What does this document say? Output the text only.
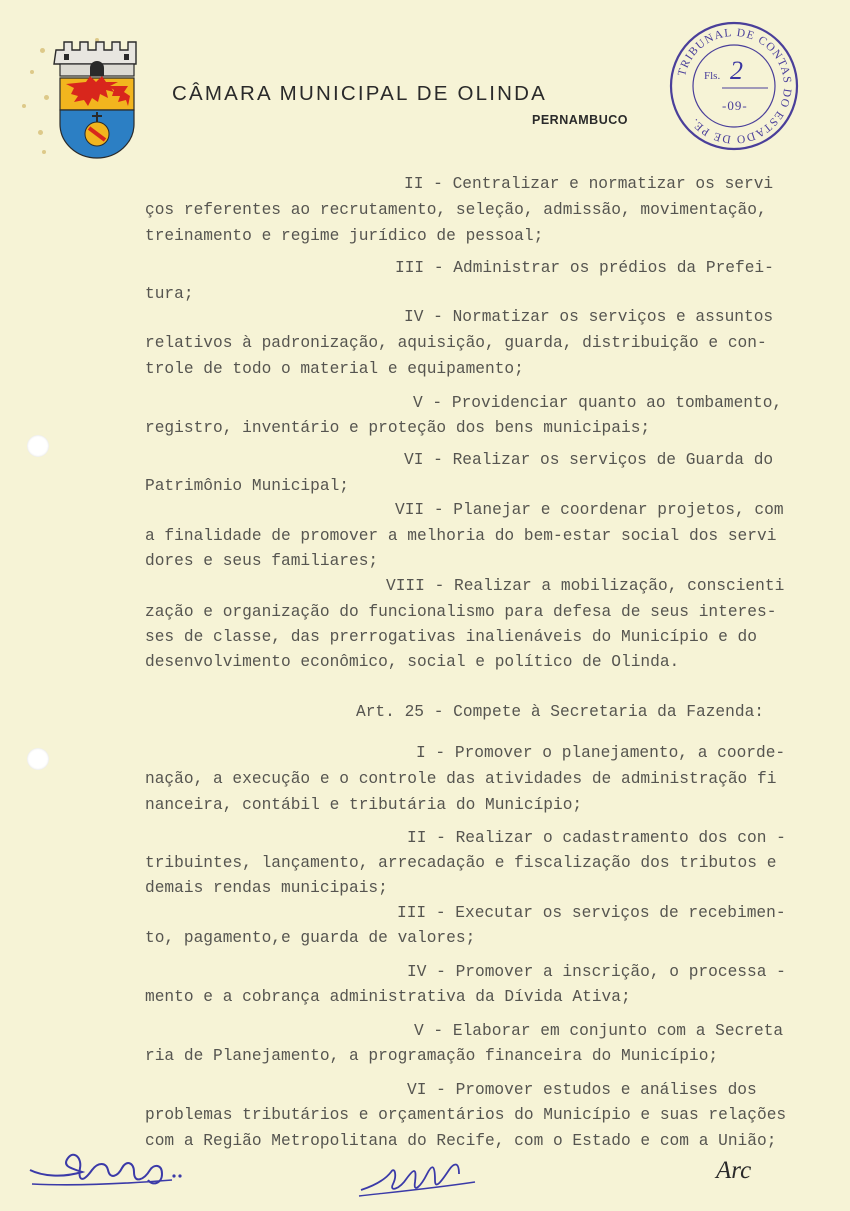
CÂMARA MUNICIPAL DE OLINDA
PERNAMBUCO
TRIBUNAL DE CONTAS DO ESTADO DE PE.
Fls. 2
-09-
II - Centralizar e normatizar os servi
ços referentes ao recrutamento, seleção, admissão, movimentação,
treinamento e regime jurídico de pessoal;
III - Administrar os prédios da Prefei-
tura;
IV - Normatizar os serviços e assuntos
relativos à padronização, aquisição, guarda, distribuição e con-
trole de todo o material e equipamento;
V - Providenciar quanto ao tombamento,
registro, inventário e proteção dos bens municipais;
VI - Realizar os serviços de Guarda do
Patrimônio Municipal;
VII - Planejar e coordenar projetos, com
a finalidade de promover a melhoria do bem-estar social dos servi
dores e seus familiares;
VIII - Realizar a mobilização, conscienti
zação e organização do funcionalismo para defesa de seus interes-
ses de classe, das prerrogativas inalienáveis do Município e do
desenvolvimento econômico, social e político de Olinda.
Art. 25 - Compete à Secretaria da Fazenda:
I - Promover o planejamento, a coorde-
nação, a execução e o controle das atividades de administração fi
nanceira, contábil e tributária do Município;
II - Realizar o cadastramento dos con -
tribuintes, lançamento, arrecadação e fiscalização dos tributos e
demais rendas municipais;
III - Executar os serviços de recebimen-
to, pagamento,e guarda de valores;
IV - Promover a inscrição, o processa -
mento e a cobrança administrativa da Dívida Ativa;
V - Elaborar em conjunto com a Secreta
ria de Planejamento, a programação financeira do Município;
VI - Promover estudos e análises dos
problemas tributários e orçamentários do Município e suas relações
com a Região Metropolitana do Recife, com o Estado e com a União;
Arc
